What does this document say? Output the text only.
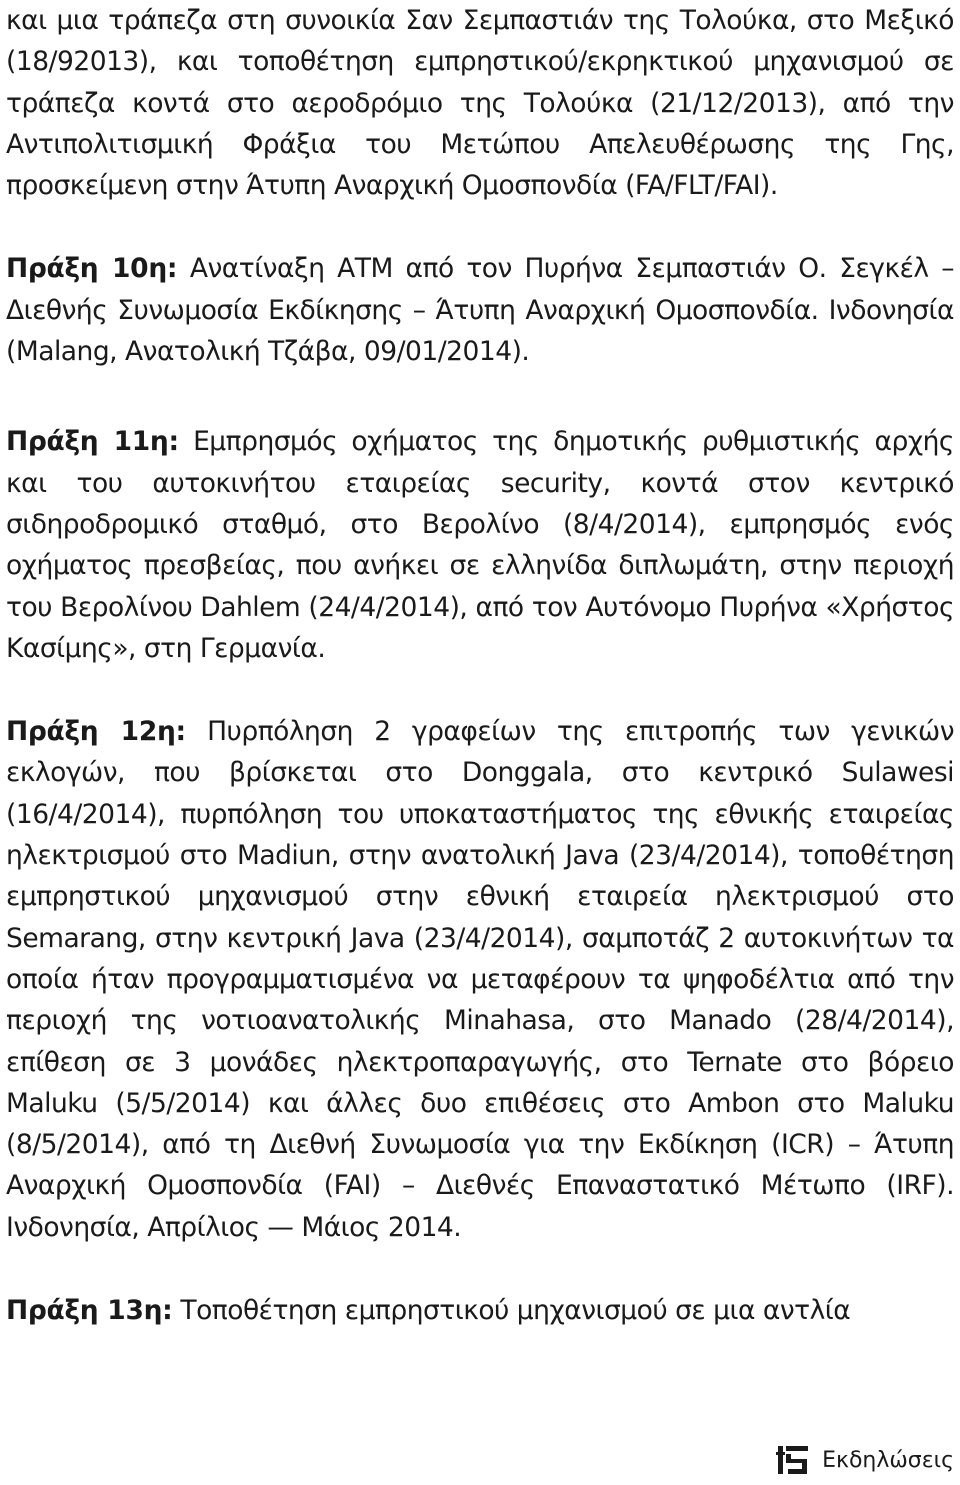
και μια τράπεζα στη συνοικία Σαν Σεμπαστιάν της Τολούκα, στο Μεξικό (18/92013), και τοποθέτηση εμπρηστικού/εκρηκτικού μηχανισμού σε τράπεζα κοντά στο αεροδρόμιο της Τολούκα (21/12/2013), από την Αντιπολιτισμική Φράξια του Μετώπου Απελευθέρωσης της Γης, προσκείμενη στην Άτυπη Αναρχική Ομοσπονδία (FA/FLT/FAI).

Πράξη 10η: Ανατίναξη ΑΤΜ από τον Πυρήνα Σεμπαστιάν Ο. Σεγκέλ – Διεθνής Συνωμοσία Εκδίκησης – Άτυπη Αναρχική Ομοσπονδία. Ινδονησία (Malang, Ανατολική Τζάβα, 09/01/2014).

Πράξη 11η: Εμπρησμός οχήματος της δημοτικής ρυθμιστικής αρχής και του αυτοκινήτου εταιρείας security, κοντά στον κεντρικό σιδηροδρομικό σταθμό, στο Βερολίνο (8/4/2014), εμπρησμός ενός οχήματος πρεσβείας, που ανήκει σε ελληνίδα διπλωμάτη, στην περιοχή του Βερολίνου Dahlem (24/4/2014), από τον Αυτόνομο Πυρήνα «Χρήστος Κασίμης», στη Γερμανία.

Πράξη 12η: Πυρπόληση 2 γραφείων της επιτροπής των γενικών εκλογών, που βρίσκεται στο Donggala, στο κεντρικό Sulawesi (16/4/2014), πυρπόληση του υποκαταστήματος της εθνικής εταιρείας ηλεκτρισμού στο Madiun, στην ανατολική Java (23/4/2014), τοποθέτηση εμπρηστικού μηχανισμού στην εθνική εταιρεία ηλεκτρισμού στο Semarang, στην κεντρική Java (23/4/2014), σαμποτάζ 2 αυτοκινήτων τα οποία ήταν προγραμματισμένα να μεταφέρουν τα ψηφοδέλτια από την περιοχή της νοτιοανατολικής Minahasa, στο Manado (28/4/2014), επίθεση σε 3 μονάδες ηλεκτροπαραγωγής, στο Ternate στο βόρειο Maluku (5/5/2014) και άλλες δυο επιθέσεις στο Ambon στο Maluku (8/5/2014), από τη Διεθνή Συνωμοσία για την Εκδίκηση (ICR) – Άτυπη Αναρχική Ομοσπονδία (FAI) – Διεθνές Επαναστατικό Μέτωπο (IRF). Ινδονησία, Απρίλιος — Μάιος 2014.

Πράξη 13η: Τοποθέτηση εμπρηστικού μηχανισμού σε μια αντλία

Εκδηλώσεις
